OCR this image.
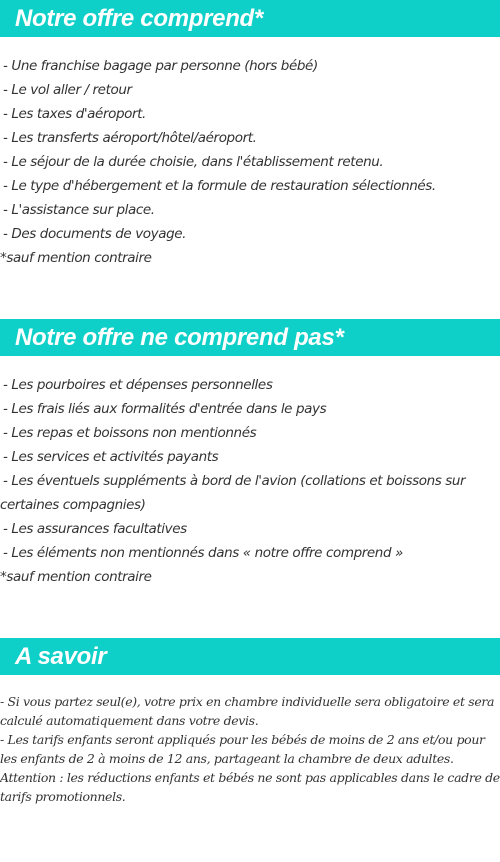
Notre offre comprend*
- Une franchise bagage par personne (hors bébé)
- Le vol aller / retour
- Les taxes d'aéroport.
- Les transferts aéroport/hôtel/aéroport.
- Le séjour de la durée choisie, dans l'établissement retenu.
- Le type d'hébergement et la formule de restauration sélectionnés.
- L'assistance sur place.
- Des documents de voyage.
*sauf mention contraire
Notre offre ne comprend pas*
- Les pourboires et dépenses personnelles
- Les frais liés aux formalités d'entrée dans le pays
- Les repas et boissons non mentionnés
- Les services et activités payants
- Les éventuels suppléments à bord de l'avion (collations et boissons sur
certaines compagnies)
- Les assurances facultatives
- Les éléments non mentionnés dans « notre offre comprend »
*sauf mention contraire
A savoir

- Si vous partez seul(e), votre prix en chambre individuelle sera obligatoire et sera calculé automatiquement dans votre devis.

- Les tarifs enfants seront appliqués pour les bébés de moins de 2 ans et/ou pour les enfants de 2 à moins de 12 ans, partageant la chambre de deux adultes. Attention : les réductions enfants et bébés ne sont pas applicables dans le cadre de tarifs promotionnels.
